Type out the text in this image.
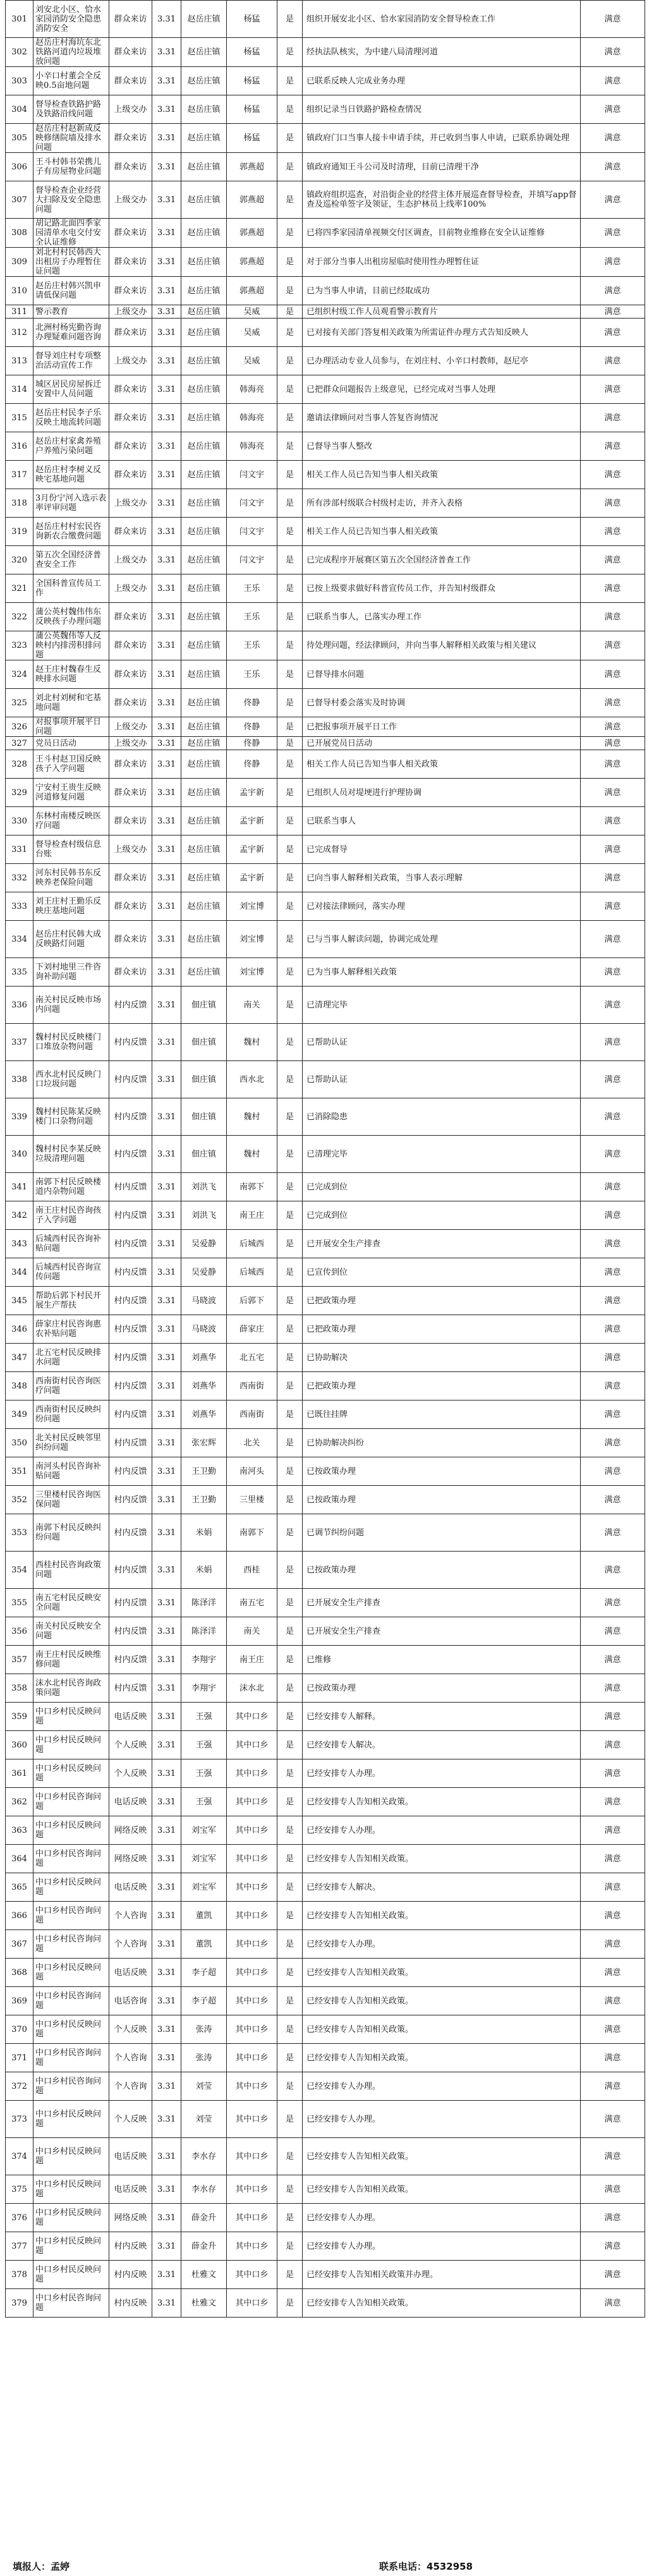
301	刘安北小区、恰水家园消防安全隐患消防安全	群众来访	3.31	赵岳庄镇	杨猛	是	组织开展安北小区、恰水家园消防安全督导检查工作	满意
302	赵岳庄村海坑东北铁路河道内垃圾堆放问题	群众来访	3.31	赵岳庄镇	杨猛	是	经执法队核实，为中建八局清理河道	满意
303	小辛口村董会全反映0.5亩地问题	群众来访	3.31	赵岳庄镇	杨猛	是	已联系反映人完成业务办理	满意
304	督导检查铁路护路及铁路沿线问题	上级交办	3.31	赵岳庄镇	杨猛	是	组织记录当日铁路护路检查情况	满意
305	赵岳庄村赵新成反映修缮院墙及排水问题	群众来访	3.31	赵岳庄镇	杨猛	是	镇政府门口当事人接卡申请手续，并已收到当事人申请，已联系协调处理	满意
306	王斗村韩书荣携儿子有房屋物业问题	群众来访	3.31	赵岳庄镇	郭燕超	是	镇政府通知王斗公司及时清理，目前已清理干净	满意
307	督导检查企业经营大扫除及安全隐患问题	上级交办	3.31	赵岳庄镇	郭燕超	是	镇政府组织巡查，对沿街企业的经营主体开展巡查督导检查，并填写app督查及巡检单签字及领证，生态护林员上线率100%	满意
308	胡记路北面四季家园清单水电交付安全认证维修	群众来访	3.31	赵岳庄镇	郭燕超	是	已将四季家园清单视频交付区调查，目前物业维修在安全认证维修	满意
309	刘北村村民韩西大出租房子办理暂住证问题	群众来访	3.31	赵岳庄镇	郭燕超	是	对于部分当事人出租房屋临时使用性办理暂住证	满意
310	赵岳庄村韩兴凯申请低保问题	群众来访	3.31	赵岳庄镇	郭燕超	是	已为当事人申请，目前已经取成功	满意
311	警示教育	上级交办	3.31	赵岳庄镇	吴威	是	已组织村级工作人员观看警示教育片	满意
312	北洲村杨宪勤咨询办理疑难问题咨询	群众来访	3.31	赵岳庄镇	吴威	是	已对接有关部门答复相关政策为所需证件办理方式告知反映人	满意
313	督导刘庄村专项整治活动宣传工作	上级交办	3.31	赵岳庄镇	吴威	是	已办理活动专业人员参与，在刘庄村、小辛口村教师，赵尼亭	满意
314	城区居民房屋拆迁安置中人员问题	群众来访	3.31	赵岳庄镇	韩海亮	是	已把群众问题报告上级意见，已经完成对当事人处理	满意
315	赵岳庄村民李子乐反映土地流转问题	群众来访	3.31	赵岳庄镇	韩海亮	是	邀请法律顾问对当事人答复咨询情况	满意
316	赵岳庄村家禽养殖户养殖污染问题	群众来访	3.31	赵岳庄镇	韩海亮	是	已督导当事人整改	满意
317	赵岳庄村李树义反映宅基地问题	群众来访	3.31	赵岳庄镇	闫文宇	是	相关工作人员已告知当事人相关政策	满意
318	3月份宁河入选示表率评审问题	上级交办	3.31	赵岳庄镇	闫文宇	是	所有涉部村级联合村级村走访，并齐入表格	满意
319	赵岳庄村村宏民咨询新农合缴费问题	群众来访	3.31	赵岳庄镇	闫文宇	是	相关工作人员已告知当事人相关政策	满意
320	第五次全国经济普查安全工作	上级交办	3.31	赵岳庄镇	闫文宇	是	已完成程序开展赛区第五次全国经济普查工作	满意
321	全国科普宣传员工作	上级交办	3.31	赵岳庄镇	王乐	是	已按上级要求做好科普宣传员工作，并告知村级群众	满意
322	蒲公英村魏伟伟东反映孩子办理问题	群众来访	3.31	赵岳庄镇	王乐	是	已联系当事人，已落实办理工作	满意
323	蒲公英魏伟等人反映村内排涝积排问题	群众来访	3.31	赵岳庄镇	王乐	是	待处理问题，经法律顾问，并向当事人解释相关政策与相关建议	满意
324	赵王庄村魏春生反映排水问题	群众来访	3.31	赵岳庄镇	王乐	是	已督导排水问题	满意
325	刘北村刘树和宅基地问题	群众来访	3.31	赵岳庄镇	佟静	是	已督导村委会落实及时协调	满意
326	对报事项开展平日问题	上级交办	3.31	赵岳庄镇	佟静	是	已把报事项开展平日工作	满意
327	党员日活动	上级交办	3.31	赵岳庄镇	佟静	是	已开展党员日活动	满意
328	王斗村赵卫国反映孩子入学问题	群众来访	3.31	赵岳庄镇	佟静	是	相关工作人员已告知当事人相关政策	满意
329	宁安村王贵生反映河道修复问题	群众来访	3.31	赵岳庄镇	孟宇新	是	已组织人员对堤埂进行护理协调	满意
330	东林村南楼反映医疗问题	群众来访	3.31	赵岳庄镇	孟宇新	是	已联系当事人	满意
331	督导检查村级信息台账	上级交办	3.31	赵岳庄镇	孟宇新	是	已完成督导	满意
332	河东村民韩书东反映养老保险问题	群众来访	3.31	赵岳庄镇	孟宇新	是	已向当事人解释相关政策，当事人表示理解	满意
333	刘王庄村王勤乐反映庄基地问题	群众来访	3.31	赵岳庄镇	刘宝博	是	已对接法律顾问，落实办理	满意
334	赵岳庄村民韩大成反映路灯问题	群众来访	3.31	赵岳庄镇	刘宝博	是	已与当事人解读问题，协调完成处理	满意
335	下刘村地里三件咨询补助问题	群众来访	3.31	赵岳庄镇	刘宝博	是	已为当事人解释相关政策	满意
336	南关村民反映市场内问题	村内反馈	3.31	佃庄镇	南关	是	已清理完毕	满意
337	魏村村民反映楼门口堆放杂物问题	村内反馈	3.31	佃庄镇	魏村	是	已帮助认证	满意
338	西水北村民反映门口垃圾问题	村内反馈	3.31	佃庄镇	西水北	是	已帮助认证	满意
339	魏村村民陈某反映楼门口杂物问题	村内反馈	3.31	佃庄镇	魏村	是	已消除隐患	满意
340	魏村村民李某反映垃圾清理问题	村内反馈	3.31	佃庄镇	魏村	是	已清理完毕	满意
341	南郭下村民反映楼道内杂物问题	村内反馈	3.31	刘洪飞	南郭下	是	已完成到位	满意
342	南王庄村民咨询孩子入学问题	村内反馈	3.31	刘洪飞	南王庄	是	已完成到位	满意
343	后城西村民咨询补贴问题	村内反馈	3.31	吴爱静	后城西	是	已开展安全生产排查	满意
344	后城西村民咨询宣传问题	村内反馈	3.31	吴爱静	后城西	是	已宣传到位	满意
345	帮助后郭下村民开展生产帮扶	村内反馈	3.31	马晓波	后郭下	是	已把政策办理	满意
346	薛家庄村民咨询惠农补贴问题	村内反馈	3.31	马晓波	薛家庄	是	已把政策办理	满意
347	北五宅村民反映排水问题	村内反馈	3.31	刘燕华	北五宅	是	已协助解决	满意
348	西南街村民咨询医疗问题	村内反馈	3.31	刘燕华	西南街	是	已把政策办理	满意
349	西南街村民反映纠纷问题	村内反馈	3.31	刘燕华	西南街	是	已既往挂牌	满意
350	北关村民反映邻里纠纷问题	村内反馈	3.31	张宏辉	北关	是	已协助解决纠纷	满意
351	南河头村民咨询补贴问题	村内反馈	3.31	王卫勤	南河头	是	已按政策办理	满意
352	三里楼村民咨询医保问题	村内反馈	3.31	王卫勤	三里楼	是	已按政策办理	满意
353	南郭下村民反映纠纷问题	村内反馈	3.31	米娟	南郭下	是	已调节纠纷问题	满意
354	西桂村民咨询政策问题	村内反馈	3.31	米娟	西桂	是	已按政策办理	满意
355	南五宅村民反映安全问题	村内反馈	3.31	陈泽洋	南五宅	是	已开展安全生产排查	满意
356	南关村民反映安全问题	村内反馈	3.31	陈泽洋	南关	是	已开展安全生产排查	满意
357	南王庄村民反映维修问题	村内反馈	3.31	李翔宇	南王庄	是	已维修	满意
358	沫水北村民咨询政策问题	村内反馈	3.31	李翔宇	沫水北	是	已按政策办理	满意
359	中口乡村民反映问题	电话反映	3.31	王强	其中口乡	是	已经安排专人解释。	满意
360	中口乡村民反映问题	个人反映	3.31	王强	其中口乡	是	已经安排专人解决。	满意
361	中口乡村民反映问题	个人反映	3.31	王强	其中口乡	是	已经安排专人办理。	满意
362	中口乡村民咨询问题	电话反映	3.31	王强	其中口乡	是	已经安排专人告知相关政策。	满意
363	中口乡村民反映问题	网络反映	3.31	刘宝军	其中口乡	是	已经安排专人办理。	满意
364	中口乡村民咨询问题	网络反映	3.31	刘宝军	其中口乡	是	已经安排专人告知相关政策。	满意
365	中口乡村民反映问题	电话反映	3.31	刘宝军	其中口乡	是	已经安排专人解决。	满意
366	中口乡村民咨询问题	个人咨询	3.31	董凯	其中口乡	是	已经安排专人告知相关政策。	满意
367	中口乡村民咨询问题	个人咨询	3.31	董凯	其中口乡	是	已经安排专人办理。	满意
368	中口乡村民反映问题	电话反映	3.31	李子超	其中口乡	是	已经安排专人告知相关政策。	满意
369	中口乡村民咨询问题	电话咨询	3.31	李子超	其中口乡	是	已经安排专人告知相关政策。	满意
370	中口乡村民反映问题	个人反映	3.31	张涛	其中口乡	是	已经安排专人告知相关政策。	满意
371	中口乡村民咨询问题	个人咨询	3.31	张涛	其中口乡	是	已经安排专人告知相关政策。	满意
372	中口乡村民咨询问题	个人咨询	3.31	刘莹	其中口乡	是	已经安排专人办理。	满意
373	中口乡村民反映问题	个人反映	3.31	刘莹	其中口乡	是	已经安排专人办理。	满意
374	中口乡村民反映问题	电话反映	3.31	李水存	其中口乡	是	已经安排专人告知相关政策。	满意
375	中口乡村民反映问题	电话反映	3.31	李水存	其中口乡	是	已经安排专人告知相关政策。	满意
376	中口乡村民反映问题	网络反映	3.31	薛金升	其中口乡	是	已经安排专人办理。	满意
377	中口乡村民反映问题	村内反映	3.31	薛金升	其中口乡	是	已经安排专人办理。	满意
378	中口乡村民反映问题	村内反映	3.31	杜雅文	其中口乡	是	已经安排专人告知相关政策并办理。	满意
379	中口乡村民咨询问题	村内反映	3.31	杜雅文	其中口乡	是	已经安排专人告知相关政策。	满意
填报人：孟婷	联系电话：4532958
